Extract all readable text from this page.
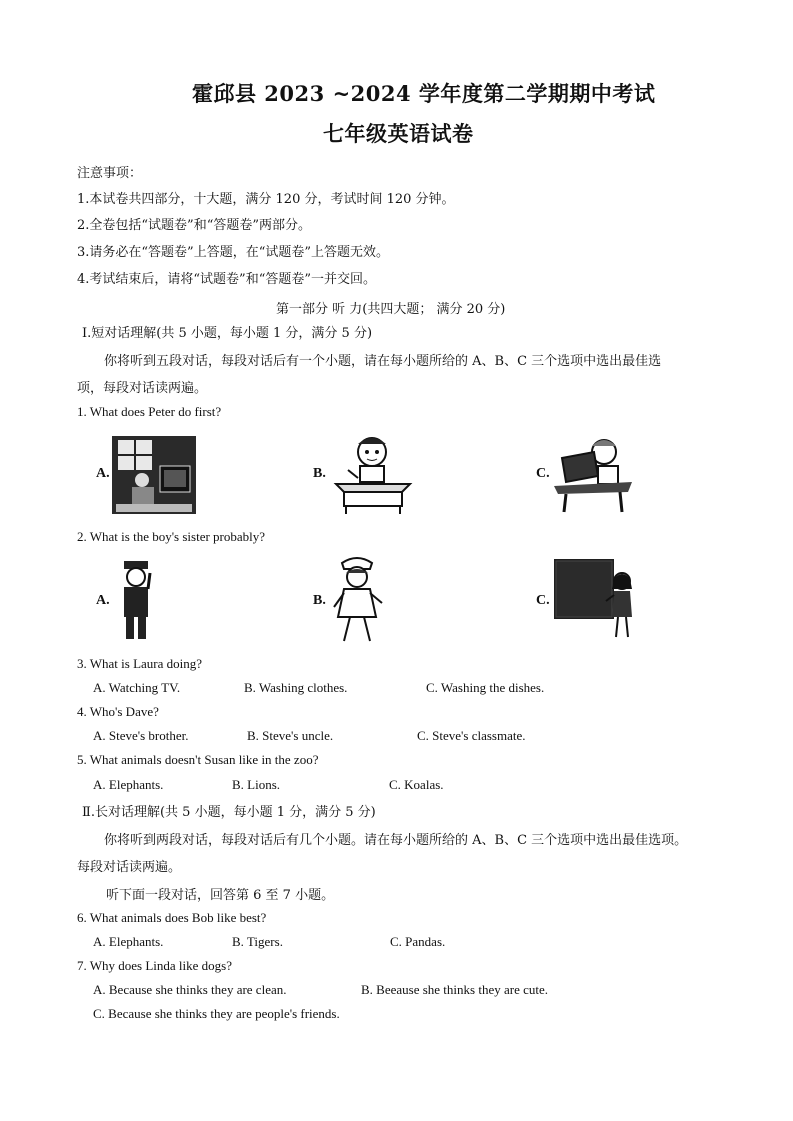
霍邱县 2023 ~2024 学年度第二学期期中考试
七年级英语试卷
注意事项：
1.本试卷共四部分，十大题，满分 120 分，考试时间 120 分钟。
2.全卷包括“试题卷”和“答题卷”两部分。
3.请务必在“答题卷”上答题，在“试题卷”上答题无效。
4.考试结束后，请将“试题卷”和“答题卷”一并交回。
第一部分 听 力(共四大题； 满分 20 分)
Ⅰ.短对话理解(共 5 小题，每小题 1 分，满分 5 分)
你将听到五段对话，每段对话后有一个小题，请在每小题所给的 A、B、C 三个选项中选出最佳选
项，每段对话读两遍。
1. What does Peter do first?
A.	B.	C.
2. What is the boy's sister probably?
A.	B.	C.
3. What is Laura doing?
A. Watching TV.	B. Washing clothes.	C. Washing the dishes.
4. Who's Dave?
A. Steve's brother.	B. Steve's uncle.	C. Steve's classmate.
5. What animals doesn't Susan like in the zoo?
A. Elephants.	B. Lions.	C. Koalas.
Ⅱ.长对话理解(共 5 小题，每小题 1 分，满分 5 分)
你将听到两段对话，每段对话后有几个小题。请在每小题所给的 A、B、C 三个选项中选出最佳选项。
每段对话读两遍。
听下面一段对话，回答第 6 至 7 小题。
6. What animals does Bob like best?
A. Elephants.	B. Tigers.	C. Pandas.
7. Why does Linda like dogs?
A. Because she thinks they are clean.	B. Beeause she thinks they are cute.
C. Because she thinks they are people's friends.
